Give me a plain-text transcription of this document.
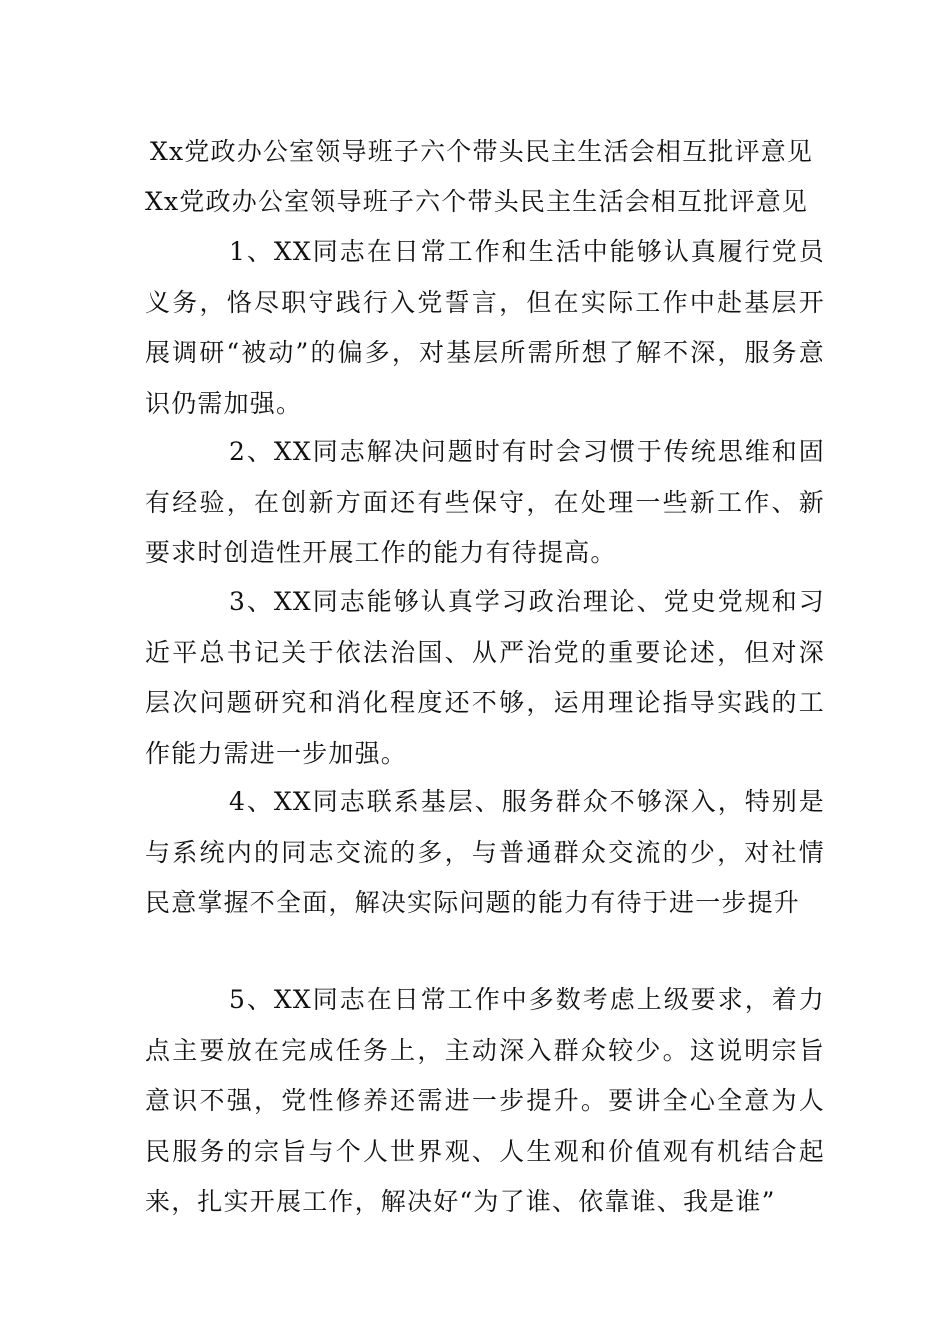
Xx党政办公室领导班子六个带头民主生活会相互批评意见
Xx党政办公室领导班子六个带头民主生活会相互批评意见

1、XX同志在日常工作和生活中能够认真履行党员义务，恪尽职守践行入党誓言，但在实际工作中赴基层开展调研“被动”的偏多，对基层所需所想了解不深，服务意识仍需加强。

2、XX同志解决问题时有时会习惯于传统思维和固有经验，在创新方面还有些保守，在处理一些新工作、新要求时创造性开展工作的能力有待提高。

3、XX同志能够认真学习政治理论、党史党规和习近平总书记关于依法治国、从严治党的重要论述，但对深层次问题研究和消化程度还不够，运用理论指导实践的工作能力需进一步加强。

4、XX同志联系基层、服务群众不够深入，特别是与系统内的同志交流的多，与普通群众交流的少，对社情民意掌握不全面，解决实际问题的能力有待于进一步提升

5、XX同志在日常工作中多数考虑上级要求，着力点主要放在完成任务上，主动深入群众较少。这说明宗旨意识不强，党性修养还需进一步提升。要讲全心全意为人民服务的宗旨与个人世界观、人生观和价值观有机结合起来，扎实开展工作，解决好“为了谁、依靠谁、我是谁”
